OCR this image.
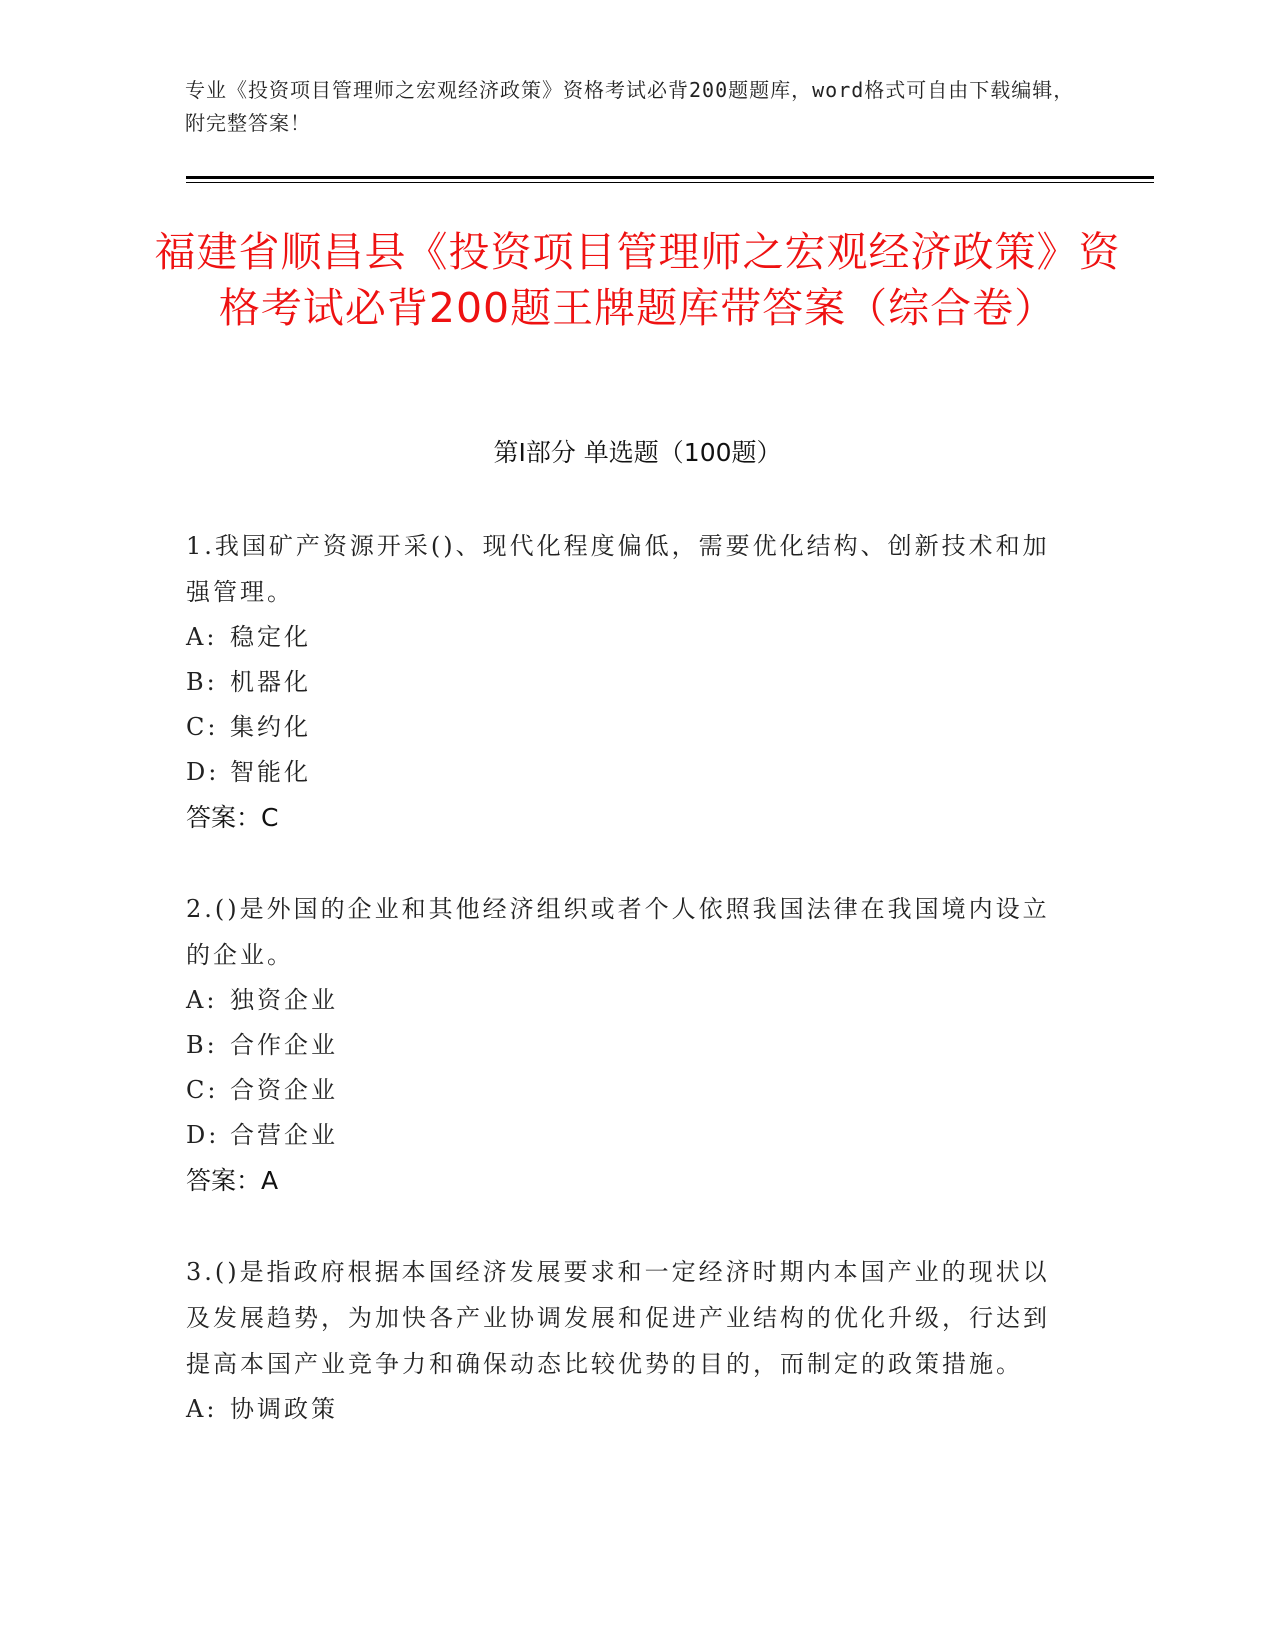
专业《投资项目管理师之宏观经济政策》资格考试必背200题题库，word格式可自由下载编辑，附完整答案！
福建省顺昌县《投资项目管理师之宏观经济政策》资格考试必背200题王牌题库带答案（综合卷）
第Ⅰ部分 单选题（100题）
1.我国矿产资源开采()、现代化程度偏低，需要优化结构、创新技术和加强管理。
A: 稳定化
B: 机器化
C: 集约化
D: 智能化
答案：C
2.()是外国的企业和其他经济组织或者个人依照我国法律在我国境内设立的企业。
A: 独资企业
B: 合作企业
C: 合资企业
D: 合营企业
答案：A
3.()是指政府根据本国经济发展要求和一定经济时期内本国产业的现状以及发展趋势，为加快各产业协调发展和促进产业结构的优化升级，行达到提高本国产业竞争力和确保动态比较优势的目的，而制定的政策措施。
A: 协调政策
